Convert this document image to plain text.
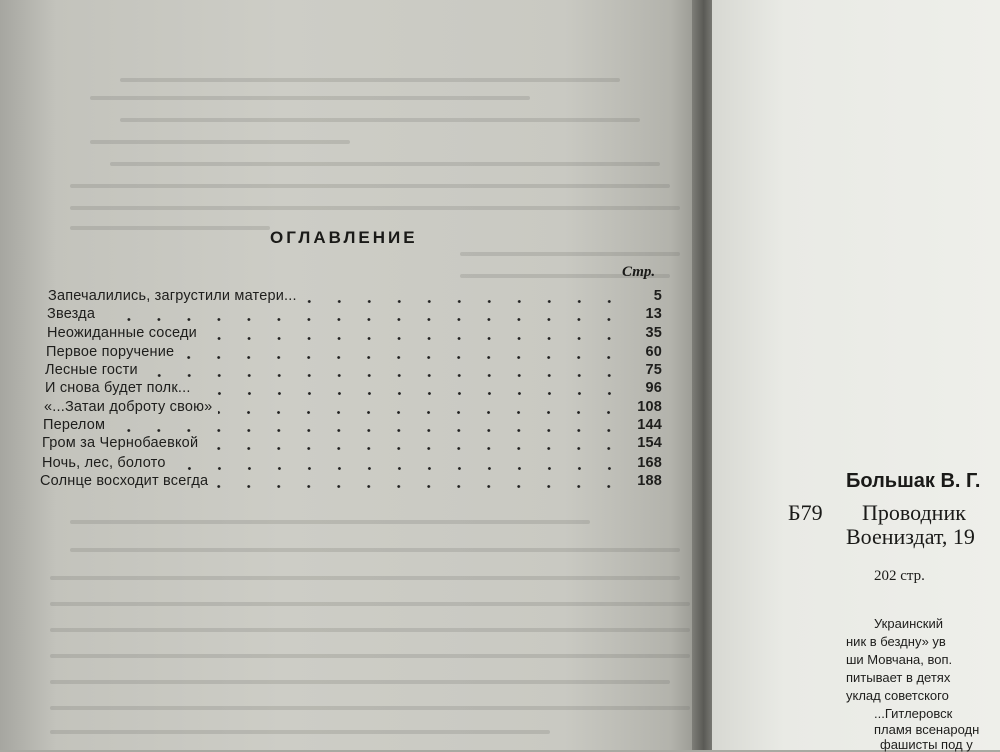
ОГЛАВЛЕНИЕ
Стр.
Запечалились, загрустили матери...	5
Звезда	13
Неожиданные соседи	35
Первое поручение	60
Лесные гости	75
И снова будет полк...	96
«...Затаи доброту свою»	108
Перелом	144
Гром за Чернобаевкой	154
Ночь, лес, болото	168
Солнце восходит всегда	188	Большак В. Г.
Б79 Проводник
Воениздат, 19
202 стр.
Украинский
ник в бездну» ув
ши Мовчана, воп.
питывает в детях
уклад советского
...Гитлеровск
пламя всенародн
фашисты под у
